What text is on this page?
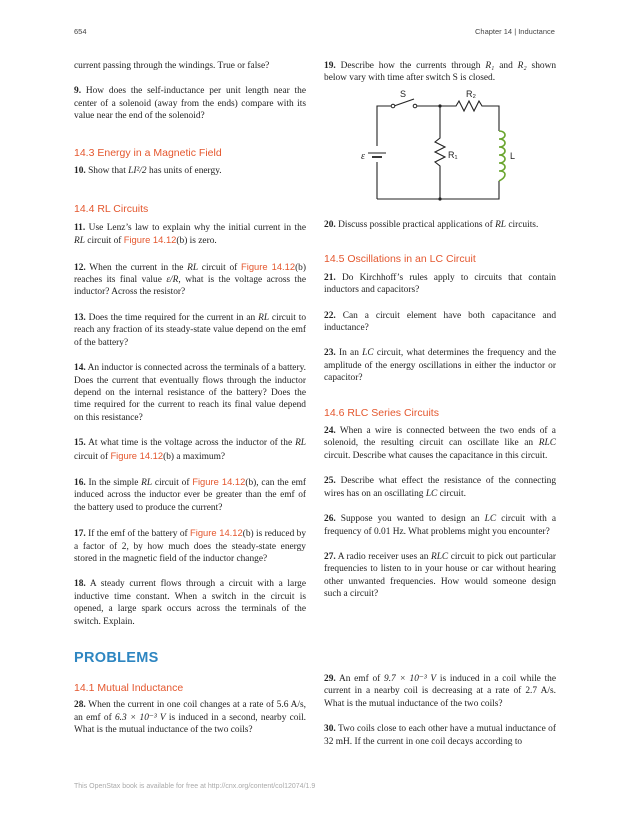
654	Chapter 14 | Inductance

current passing through the windings. True or false?

9. How does the self-inductance per unit length near the center of a solenoid (away from the ends) compare with its value near the end of the solenoid?

14.3 Energy in a Magnetic Field

10. Show that LI²/2 has units of energy.

14.4 RL Circuits

11. Use Lenz’s law to explain why the initial current in the RL circuit of Figure 14.12(b) is zero.

12. When the current in the RL circuit of Figure 14.12(b) reaches its final value ε/R, what is the voltage across the inductor? Across the resistor?

13. Does the time required for the current in an RL circuit to reach any fraction of its steady-state value depend on the emf of the battery?

14. An inductor is connected across the terminals of a battery. Does the current that eventually flows through the inductor depend on the internal resistance of the battery? Does the time required for the current to reach its final value depend on this resistance?

15. At what time is the voltage across the inductor of the RL circuit of Figure 14.12(b) a maximum?

16. In the simple RL circuit of Figure 14.12(b), can the emf induced across the inductor ever be greater than the emf of the battery used to produce the current?

17. If the emf of the battery of Figure 14.12(b) is reduced by a factor of 2, by how much does the steady-state energy stored in the magnetic field of the inductor change?

18. A steady current flows through a circuit with a large inductive time constant. When a switch in the circuit is opened, a large spark occurs across the terminals of the switch. Explain.

19. Describe how the currents through R₁ and R₂ shown below vary with time after switch S is closed.

S	R₂
R₁
ε	L

20. Discuss possible practical applications of RL circuits.

14.5 Oscillations in an LC Circuit

21. Do Kirchhoff’s rules apply to circuits that contain inductors and capacitors?

22. Can a circuit element have both capacitance and inductance?

23. In an LC circuit, what determines the frequency and the amplitude of the energy oscillations in either the inductor or capacitor?

14.6 RLC Series Circuits

24. When a wire is connected between the two ends of a solenoid, the resulting circuit can oscillate like an RLC circuit. Describe what causes the capacitance in this circuit.

25. Describe what effect the resistance of the connecting wires has on an oscillating LC circuit.

26. Suppose you wanted to design an LC circuit with a frequency of 0.01 Hz. What problems might you encounter?

27. A radio receiver uses an RLC circuit to pick out particular frequencies to listen to in your house or car without hearing other unwanted frequencies. How would someone design such a circuit?

PROBLEMS

14.1 Mutual Inductance

28. When the current in one coil changes at a rate of 5.6 A/s, an emf of 6.3 × 10⁻³ V is induced in a second, nearby coil. What is the mutual inductance of the two coils?

29. An emf of 9.7 × 10⁻³ V is induced in a coil while the current in a nearby coil is decreasing at a rate of 2.7 A/s. What is the mutual inductance of the two coils?

30. Two coils close to each other have a mutual inductance of 32 mH. If the current in one coil decays according to

This OpenStax book is available for free at http://cnx.org/content/col12074/1.9
